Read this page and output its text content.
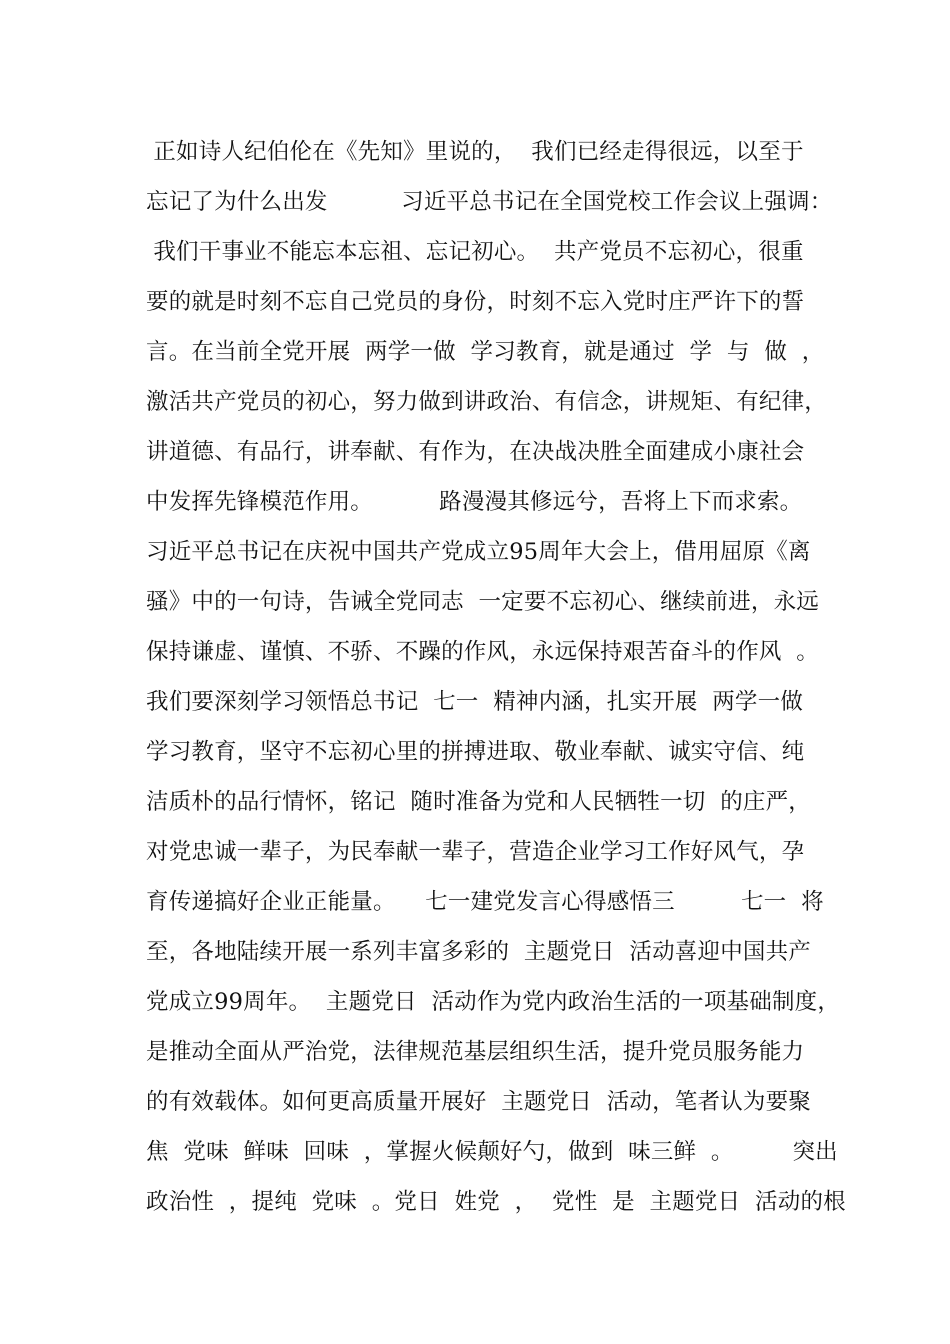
正如诗人纪伯伦在《先知》里说的，  我们已经走得很远，以至于
忘记了为什么出发          习近平总书记在全国党校工作会议上强调：
我们干事业不能忘本忘祖、忘记初心。  共产党员不忘初心，很重
要的就是时刻不忘自己党员的身份，时刻不忘入党时庄严许下的誓
言。在当前全党开展  两学一做  学习教育，就是通过  学  与  做  ，
激活共产党员的初心，努力做到讲政治、有信念，讲规矩、有纪律，
讲道德、有品行，讲奉献、有作为，在决战决胜全面建成小康社会
中发挥先锋模范作用。         路漫漫其修远兮，吾将上下而求索。
习近平总书记在庆祝中国共产党成立95周年大会上，借用屈原《离
骚》中的一句诗，告诫全党同志  一定要不忘初心、继续前进，永远
保持谦虚、谨慎、不骄、不躁的作风，永远保持艰苦奋斗的作风  。
我们要深刻学习领悟总书记  七一  精神内涵，扎实开展  两学一做
学习教育，坚守不忘初心里的拼搏进取、敬业奉献、诚实守信、纯
洁质朴的品行情怀，铭记  随时准备为党和人民牺牲一切  的庄严，
对党忠诚一辈子，为民奉献一辈子，营造企业学习工作好风气，孕
育传递搞好企业正能量。    七一建党发言心得感悟三         七一  将
至，各地陆续开展一系列丰富多彩的  主题党日  活动喜迎中国共产
党成立99周年。  主题党日  活动作为党内政治生活的一项基础制度，
是推动全面从严治党，法律规范基层组织生活，提升党员服务能力
的有效载体。如何更高质量开展好  主题党日  活动，笔者认为要聚
焦  党味  鲜味  回味  ，掌握火候颠好勺，做到  味三鲜  。        突出
政治性  ，提纯  党味  。党日  姓党  ，  党性  是  主题党日  活动的根
